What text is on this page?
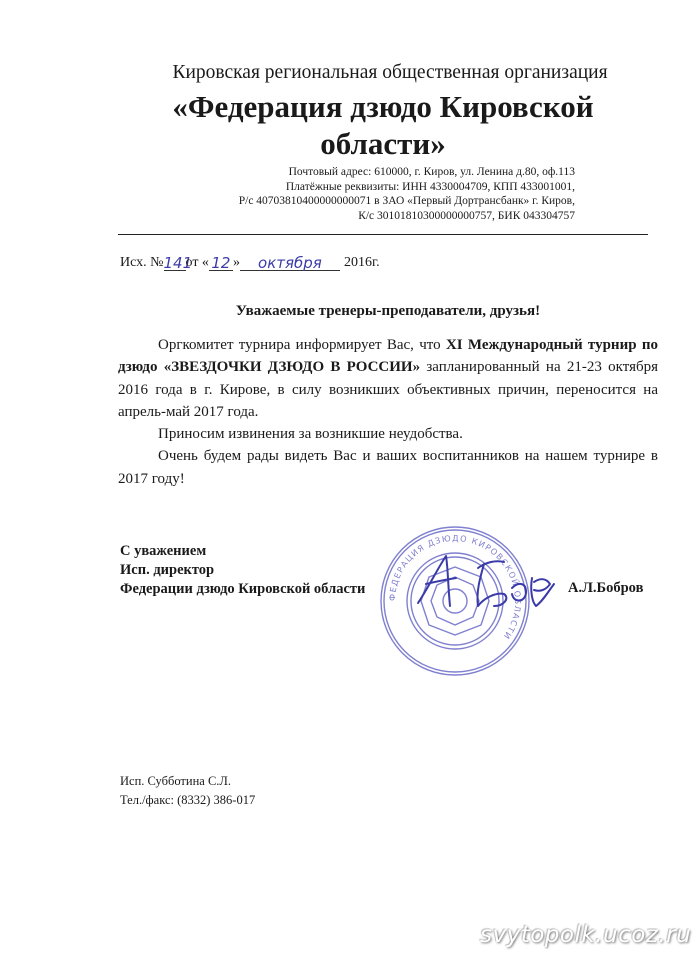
Кировская региональная общественная организация
«Федерация дзюдо Кировской
области»
Почтовый адрес: 610000, г. Киров, ул. Ленина д.80, оф.113
Платёжные реквизиты: ИНН 4330004709, КПП 433001001,
Р/с 40703810400000000071 в ЗАО «Первый Дортрансбанк» г. Киров,
К/с 30101810300000000757, БИК 043304757
Исх. №141от « 12 » октября 2016г.
Уважаемые тренеры-преподаватели, друзья!

Оргкомитет турнира информирует Вас, что XI Международный турнир по дзюдо «ЗВЕЗДОЧКИ ДЗЮДО В РОССИИ» запланированный на 21-23 октября 2016 года в г. Кирове, в силу возникших объективных причин, переносится на апрель-май 2017 года.

Приносим извинения за возникшие неудобства.

Очень будем рады видеть Вас и ваших воспитанников на нашем турнире в 2017 году!

С уважением
Исп. директор
Федерации дзюдо Кировской области	ФЕДЕРАЦИЯ ДЗЮДО КИРОВСКОЙ ОБЛАСТИ
А.Л.Бобров
Исп. Субботина С.Л.
Тел./факс: (8332) 386-017
svytopolk.ucoz.ru
